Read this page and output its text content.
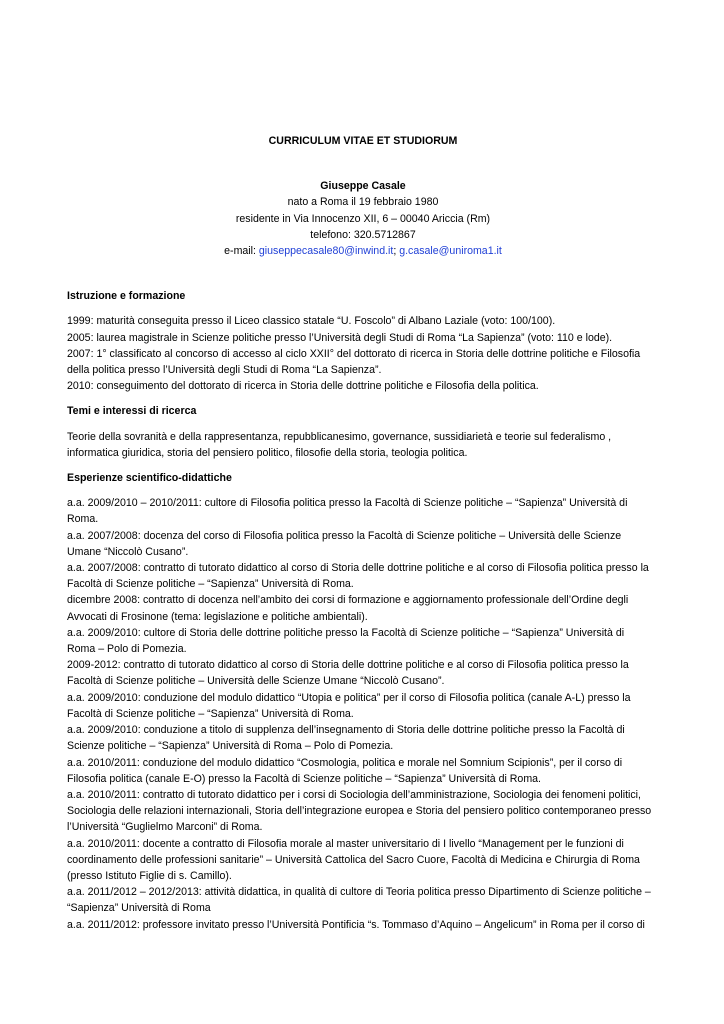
CURRICULUM VITAE ET STUDIORUM

Giuseppe Casale

nato a Roma il 19 febbraio 1980

residente in Via Innocenzo XII, 6 – 00040 Ariccia (Rm)

telefono: 320.5712867

e-mail: giuseppecasale80@inwind.it; g.casale@uniroma1.it

Istruzione e formazione

1999: maturità conseguita presso il Liceo classico statale “U. Foscolo” di Albano Laziale (voto: 100/100).

2005: laurea magistrale in Scienze politiche presso l’Università degli Studi di Roma “La Sapienza” (voto: 110 e lode).

2007: 1° classificato al concorso di accesso al ciclo XXII° del dottorato di ricerca in Storia delle dottrine politiche e Filosofia

della politica presso l’Università degli Studi di Roma “La Sapienza”.

2010: conseguimento del dottorato di ricerca in Storia delle dottrine politiche e Filosofia della politica.

Temi e interessi di ricerca

Teorie della sovranità e della rappresentanza, repubblicanesimo, governance, sussidiarietà e teorie sul federalismo ,

informatica giuridica, storia del pensiero politico, filosofie della storia, teologia politica.

Esperienze scientifico-didattiche

a.a. 2009/2010 – 2010/2011: cultore di Filosofia politica presso la Facoltà di Scienze politiche – “Sapienza” Università di

Roma.

a.a. 2007/2008: docenza del corso di Filosofia politica presso la Facoltà di Scienze politiche – Università delle Scienze

Umane “Niccolò Cusano”.

a.a. 2007/2008: contratto di tutorato didattico al corso di Storia delle dottrine politiche e al corso di Filosofia politica presso la

Facoltà di Scienze politiche – “Sapienza” Università di Roma.

dicembre 2008: contratto di docenza nell’ambito dei corsi di formazione e aggiornamento professionale dell’Ordine degli

Avvocati di Frosinone (tema: legislazione e politiche ambientali).

a.a. 2009/2010: cultore di Storia delle dottrine politiche presso la Facoltà di Scienze politiche – “Sapienza” Università di

Roma – Polo di Pomezia.

2009-2012: contratto di tutorato didattico al corso di Storia delle dottrine politiche e al corso di Filosofia politica presso la

Facoltà di Scienze politiche – Università delle Scienze Umane “Niccolò Cusano”.

a.a. 2009/2010: conduzione del modulo didattico “Utopia e politica” per il corso di Filosofia politica (canale A-L) presso la

Facoltà di Scienze politiche – “Sapienza” Università di Roma.

a.a. 2009/2010: conduzione a titolo di supplenza dell’insegnamento di Storia delle dottrine politiche presso la Facoltà di

Scienze politiche – “Sapienza” Università di Roma – Polo di Pomezia.

a.a. 2010/2011: conduzione del modulo didattico “Cosmologia, politica e morale nel Somnium Scipionis”, per il corso di

Filosofia politica (canale E-O) presso la Facoltà di Scienze politiche – “Sapienza” Università di Roma.

a.a. 2010/2011: contratto di tutorato didattico per i corsi di Sociologia dell’amministrazione, Sociologia dei fenomeni politici,

Sociologia delle relazioni internazionali, Storia dell’integrazione europea e Storia del pensiero politico contemporaneo presso

l’Università “Guglielmo Marconi” di Roma.

a.a. 2010/2011: docente a contratto di Filosofia morale al master universitario di I livello “Management per le funzioni di

coordinamento delle professioni sanitarie” – Università Cattolica del Sacro Cuore, Facoltà di Medicina e Chirurgia di Roma

(presso Istituto Figlie di s. Camillo).

a.a. 2011/2012 – 2012/2013: attività didattica, in qualità di cultore di Teoria politica presso Dipartimento di Scienze politiche –

“Sapienza” Università di Roma

a.a. 2011/2012: professore invitato presso l’Università Pontificia “s. Tommaso d’Aquino – Angelicum” in Roma per il corso di
